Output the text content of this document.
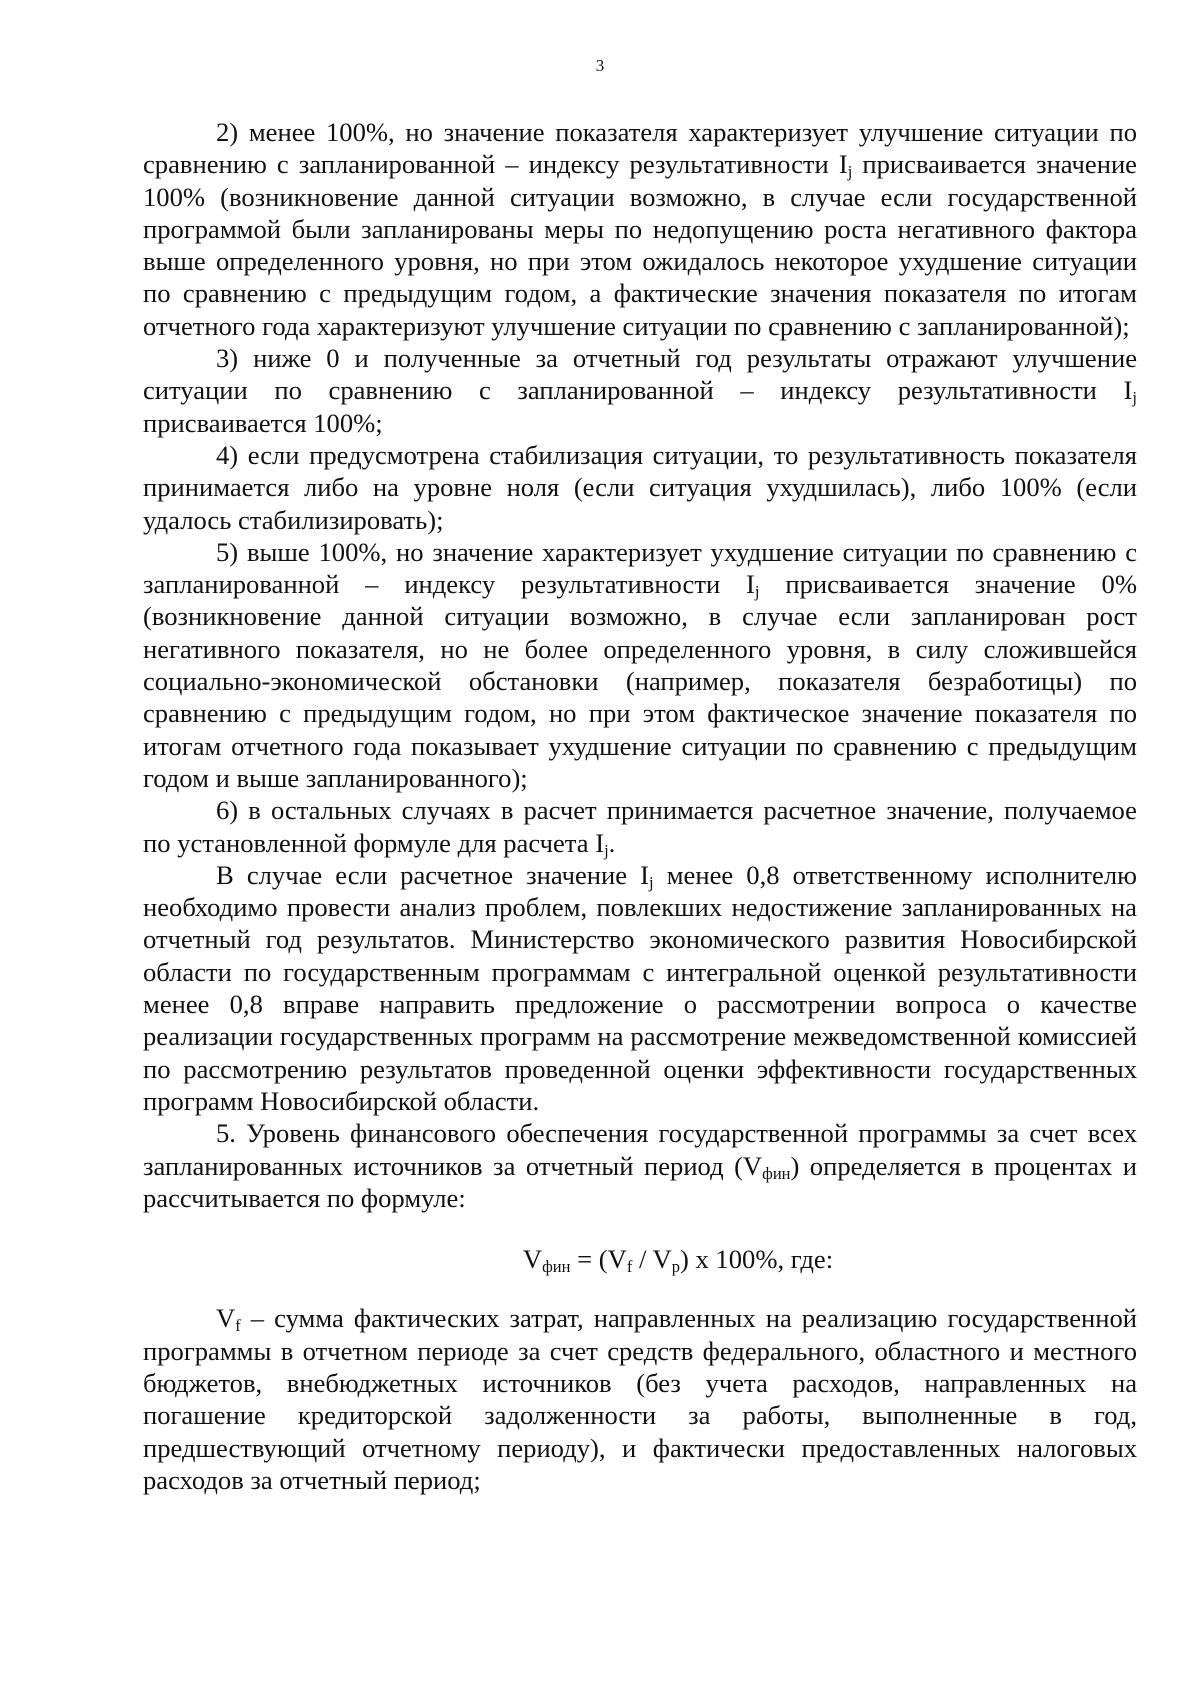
3

2) менее 100%, но значение показателя характеризует улучшение ситуации по сравнению с запланированной – индексу результативности $I_j$ присваивается значение 100% (возникновение данной ситуации возможно, в случае если государственной программой были запланированы меры по недопущению роста негативного фактора выше определенного уровня, но при этом ожидалось некоторое ухудшение ситуации по сравнению с предыдущим годом, а фактические значения показателя по итогам отчетного года характеризуют улучшение ситуации по сравнению с запланированной);

3) ниже 0 и полученные за отчетный год результаты отражают улучшение ситуации по сравнению с запланированной – индексу результативности $I_j$ присваивается 100%;

4) если предусмотрена стабилизация ситуации, то результативность показателя принимается либо на уровне ноля (если ситуация ухудшилась), либо 100% (если удалось стабилизировать);

5) выше 100%, но значение характеризует ухудшение ситуации по сравнению с запланированной – индексу результативности $I_j$ присваивается значение 0% (возникновение данной ситуации возможно, в случае если запланирован рост негативного показателя, но не более определенного уровня, в силу сложившейся социально-экономической обстановки (например, показателя безработицы) по сравнению с предыдущим годом, но при этом фактическое значение показателя по итогам отчетного года показывает ухудшение ситуации по сравнению с предыдущим годом и выше запланированного);

6) в остальных случаях в расчет принимается расчетное значение, получаемое по установленной формуле для расчета $I_j$.

В случае если расчетное значение $I_j$ менее 0,8 ответственному исполнителю необходимо провести анализ проблем, повлекших недостижение запланированных на отчетный год результатов. Министерство экономического развития Новосибирской области по государственным программам с интегральной оценкой результативности менее 0,8 вправе направить предложение о рассмотрении вопроса о качестве реализации государственных программ на рассмотрение межведомственной комиссией по рассмотрению результатов проведенной оценки эффективности государственных программ Новосибирской области.

5. Уровень финансового обеспечения государственной программы за счет всех запланированных источников за отчетный период $(V_{фин})$ определяется в процентах и рассчитывается по формуле:

$V_{фин} = (V_f / V_p)$ x 100%, где:

$V_f$ – сумма фактических затрат, направленных на реализацию государственной программы в отчетном периоде за счет средств федерального, областного и местного бюджетов, внебюджетных источников (без учета расходов, направленных на погашение кредиторской задолженности за работы, выполненные в год, предшествующий отчетному периоду), и фактически предоставленных налоговых расходов за отчетный период;
